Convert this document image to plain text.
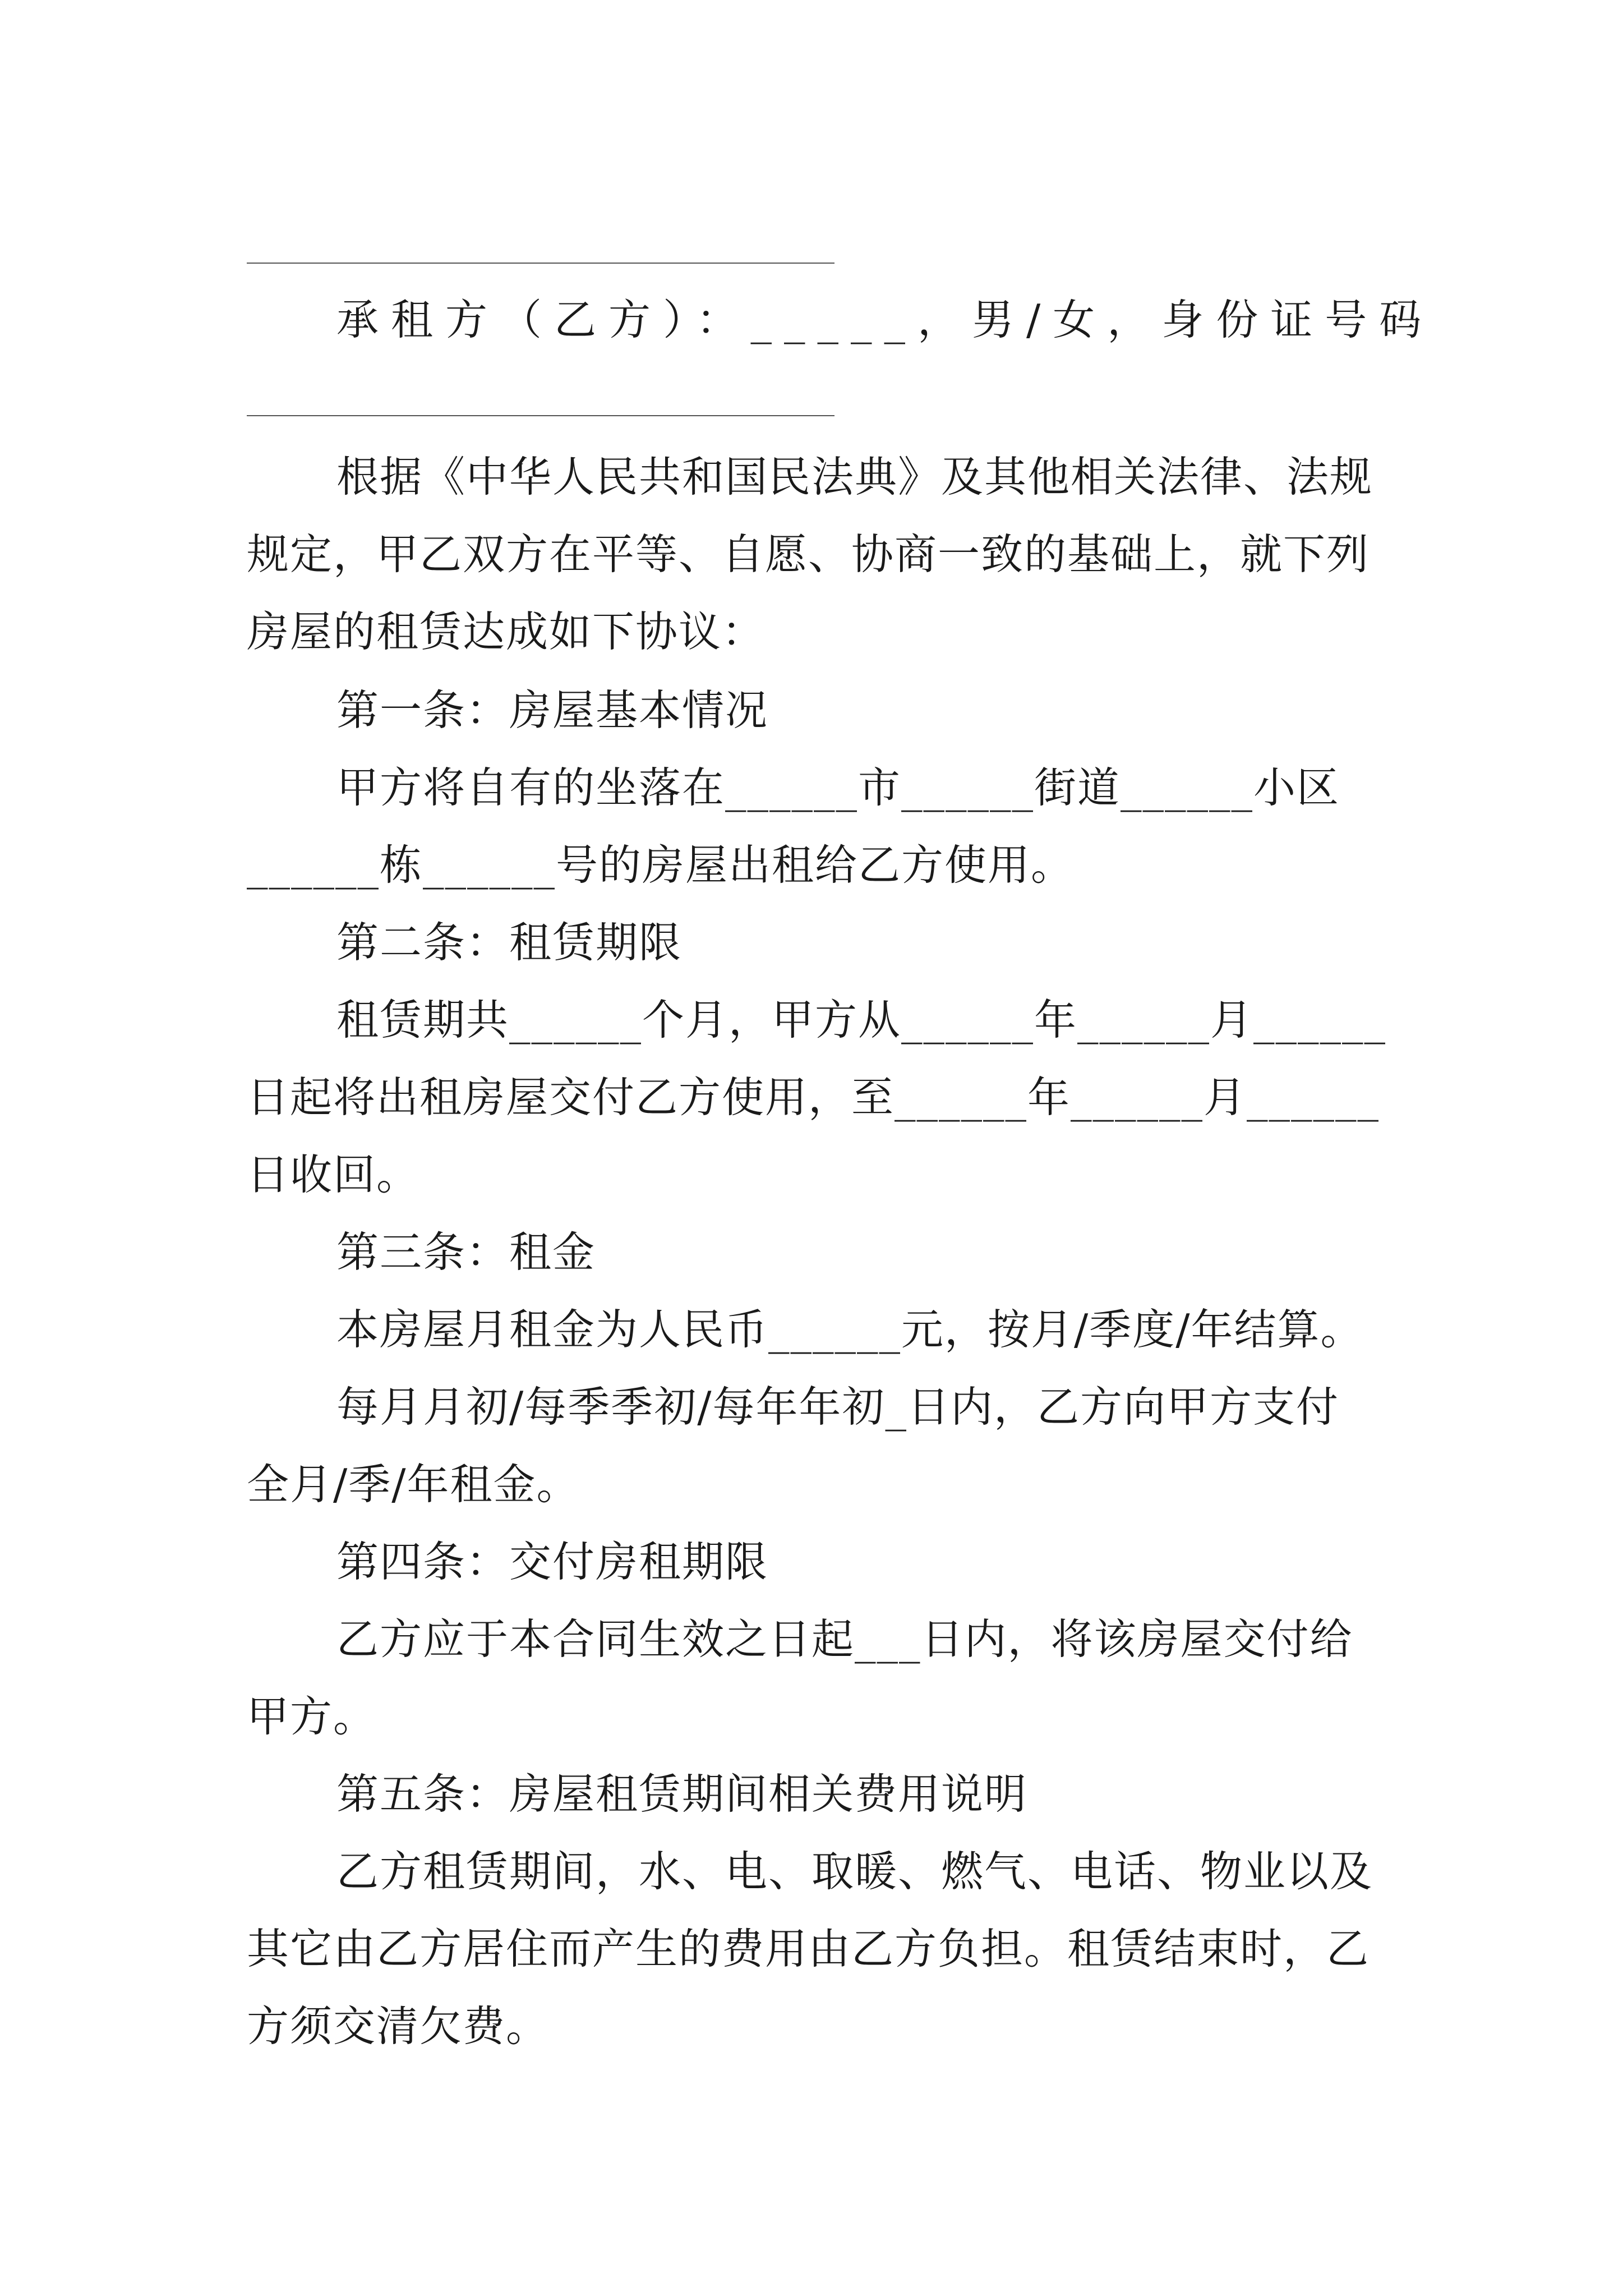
承租方（乙方）：_____，男/女，身份证号码
根据《中华人民共和国民法典》及其他相关法律、法规
规定，甲乙双方在平等、自愿、协商一致的基础上，就下列
房屋的租赁达成如下协议：
第一条：房屋基本情况
甲方将自有的坐落在______市______街道______小区
______栋______号的房屋出租给乙方使用。
第二条：租赁期限
租赁期共______个月，甲方从______年______月______
日起将出租房屋交付乙方使用，至______年______月______
日收回。
第三条：租金
本房屋月租金为人民币______元，按月/季度/年结算。
每月月初/每季季初/每年年初_日内，乙方向甲方支付
全月/季/年租金。
第四条：交付房租期限
乙方应于本合同生效之日起___日内，将该房屋交付给
甲方。
第五条：房屋租赁期间相关费用说明
乙方租赁期间，水、电、取暖、燃气、电话、物业以及
其它由乙方居住而产生的费用由乙方负担。租赁结束时，乙
方须交清欠费。
